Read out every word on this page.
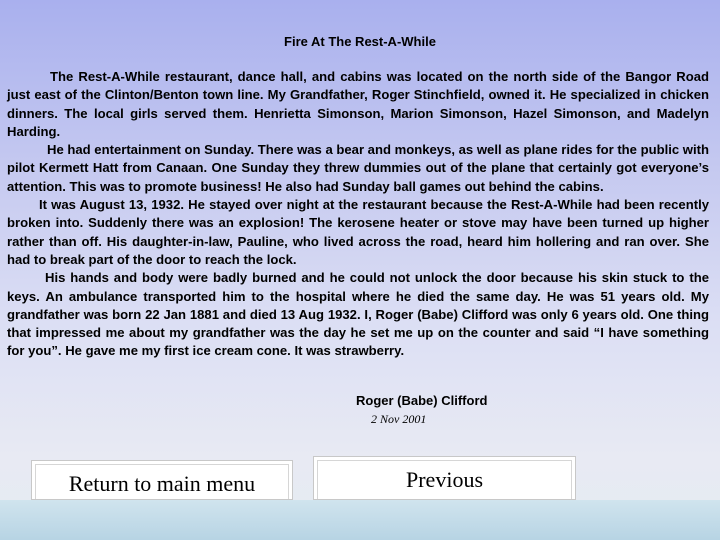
Fire At The Rest-A-While

The Rest-A-While restaurant, dance hall, and cabins was located on the north side of the Bangor Road just east of the Clinton/Benton town line. My Grandfather, Roger Stinchfield, owned it. He specialized in chicken dinners. The local girls served them. Henrietta Simonson, Marion Simonson, Hazel Simonson, and Madelyn Harding.

He had entertainment on Sunday. There was a bear and monkeys, as well as plane rides for the public with pilot Kermett Hatt from Canaan. One Sunday they threw dummies out of the plane that certainly got everyone’s attention. This was to promote business! He also had Sunday ball games out behind the cabins.

It was August 13, 1932. He stayed over night at the restaurant because the Rest-A-While had been recently broken into. Suddenly there was an explosion! The kerosene heater or stove may have been turned up higher rather than off. His daughter-in-law, Pauline, who lived across the road, heard him hollering and ran over. She had to break part of the door to reach the lock.

His hands and body were badly burned and he could not unlock the door because his skin stuck to the keys. An ambulance transported him to the hospital where he died the same day. He was 51 years old. My grandfather was born 22 Jan 1881 and died 13 Aug 1932. I, Roger (Babe) Clifford was only 6 years old. One thing that impressed me about my grandfather was the day he set me up on the counter and said “I have something for you”. He gave me my first ice cream cone. It was strawberry.

Roger (Babe) Clifford
2 Nov 2001
Return to main menu	Previous
